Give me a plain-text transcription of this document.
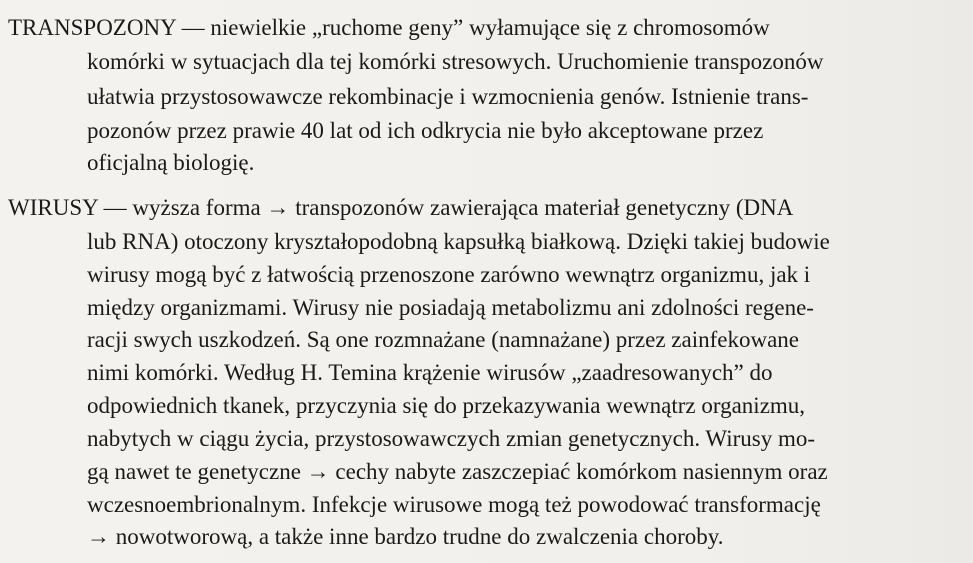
TRANSPOZONY — niewielkie „ruchome geny” wyłamujące się z chromosomów
komórki w sytuacjach dla tej komórki stresowych. Uruchomienie transpozonów
ułatwia przystosowawcze rekombinacje i wzmocnienia genów. Istnienie trans-
pozonów przez prawie 40 lat od ich odkrycia nie było akceptowane przez
oficjalną biologię.
WIRUSY — wyższa forma → transpozonów zawierająca materiał genetyczny (DNA
lub RNA) otoczony kryształopodobną kapsułką białkową. Dzięki takiej budowie
wirusy mogą być z łatwością przenoszone zarówno wewnątrz organizmu, jak i
między organizmami. Wirusy nie posiadają metabolizmu ani zdolności regene-
racji swych uszkodzeń. Są one rozmnażane (namnażane) przez zainfekowane
nimi komórki. Według H. Temina krążenie wirusów „zaadresowanych” do
odpowiednich tkanek, przyczynia się do przekazywania wewnątrz organizmu,
nabytych w ciągu życia, przystosowawczych zmian genetycznych. Wirusy mo-
gą nawet te genetyczne → cechy nabyte zaszczepiać komórkom nasiennym oraz
wczesnoembrionalnym. Infekcje wirusowe mogą też powodować transformację
→ nowotworową, a także inne bardzo trudne do zwalczenia choroby.
